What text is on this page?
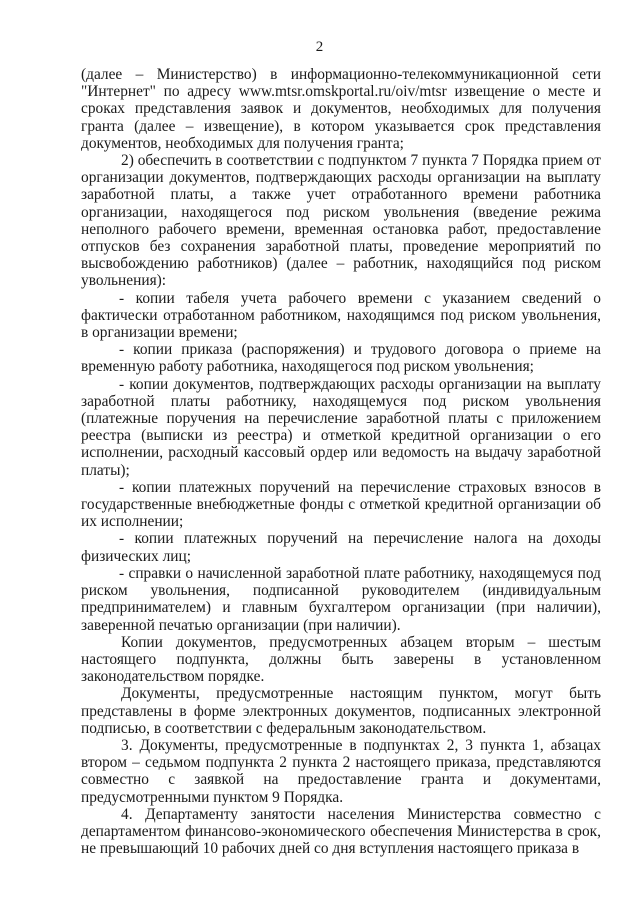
2

(далее – Министерство) в информационно-телекоммуникационной сети "Интернет" по адресу www.mtsr.omskportal.ru/oiv/mtsr извещение о месте и сроках представления заявок и документов, необходимых для получения гранта (далее – извещение), в котором указывается срок представления документов, необходимых для получения гранта;

2) обеспечить в соответствии с подпунктом 7 пункта 7 Порядка прием от организации документов, подтверждающих расходы организации на выплату заработной платы, а также учет отработанного времени работника организации, находящегося под риском увольнения (введение режима неполного рабочего времени, временная остановка работ, предоставление отпусков без сохранения заработной платы, проведение мероприятий по высвобождению работников) (далее – работник, находящийся под риском увольнения):

- копии табеля учета рабочего времени с указанием сведений о фактически отработанном работником, находящимся под риском увольнения, в организации времени;

- копии приказа (распоряжения) и трудового договора о приеме на временную работу работника, находящегося под риском увольнения;

- копии документов, подтверждающих расходы организации на выплату заработной платы работнику, находящемуся под риском увольнения (платежные поручения на перечисление заработной платы с приложением реестра (выписки из реестра) и отметкой кредитной организации о его исполнении, расходный кассовый ордер или ведомость на выдачу заработной платы);

- копии платежных поручений на перечисление страховых взносов в государственные внебюджетные фонды с отметкой кредитной организации об их исполнении;

- копии платежных поручений на перечисление налога на доходы физических лиц;

- справки о начисленной заработной плате работнику, находящемуся под риском увольнения, подписанной руководителем (индивидуальным предпринимателем) и главным бухгалтером организации (при наличии), заверенной печатью организации (при наличии).

Копии документов, предусмотренных абзацем вторым – шестым настоящего подпункта, должны быть заверены в установленном законодательством порядке.

Документы, предусмотренные настоящим пунктом, могут быть представлены в форме электронных документов, подписанных электронной подписью, в соответствии с федеральным законодательством.

3. Документы, предусмотренные в подпунктах 2, 3 пункта 1, абзацах втором – седьмом подпункта 2 пункта 2 настоящего приказа, представляются совместно с заявкой на предоставление гранта и документами, предусмотренными пунктом 9 Порядка.

4. Департаменту занятости населения Министерства совместно с департаментом финансово-экономического обеспечения Министерства в срок, не превышающий 10 рабочих дней со дня вступления настоящего приказа в
